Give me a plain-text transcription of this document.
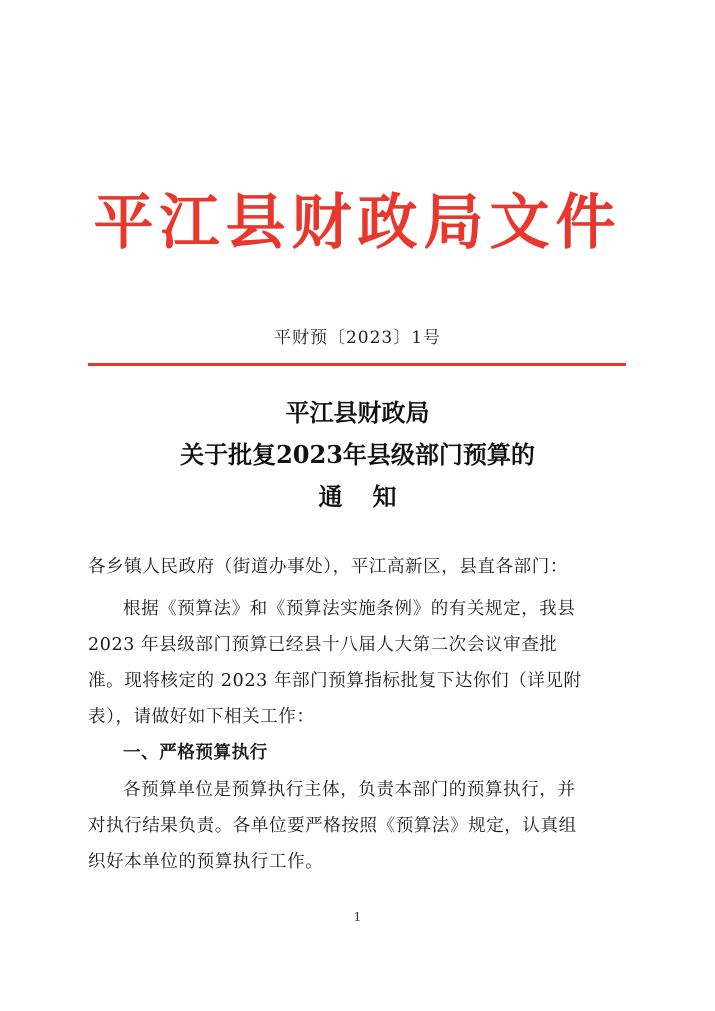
平江县财政局文件
平财预〔2023〕1号
平江县财政局
关于批复2023年县级部门预算的
通知
各乡镇人民政府（街道办事处），平江高新区，县直各部门：
根据《预算法》和《预算法实施条例》的有关规定，我县
2023 年县级部门预算已经县十八届人大第二次会议审查批
准。现将核定的 2023 年部门预算指标批复下达你们（详见附
表），请做好如下相关工作：
一、严格预算执行
各预算单位是预算执行主体，负责本部门的预算执行，并
对执行结果负责。各单位要严格按照《预算法》规定，认真组
织好本单位的预算执行工作。
1
